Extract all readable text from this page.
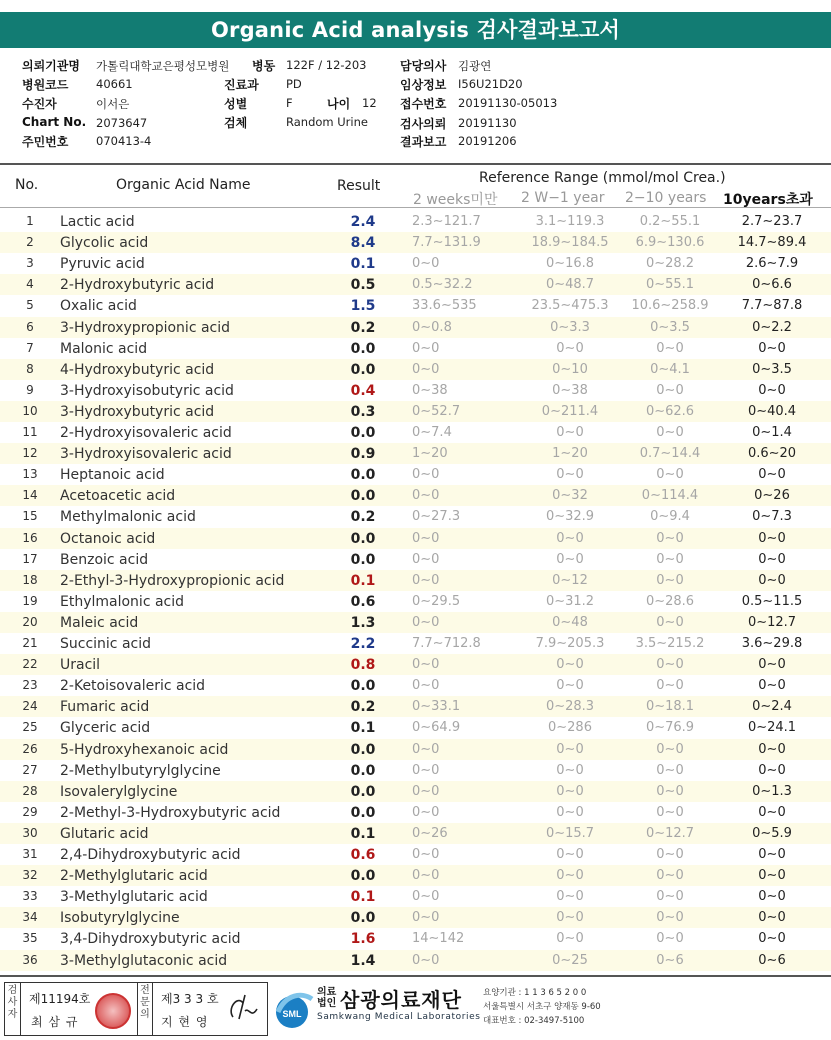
Organic Acid analysis 검사결과보고서
의뢰기관명 가톨릭대학교은평성모병원 병동 122F / 12-203	담당의사 김광연
병원코드 40661	진료과 PD	임상정보 I56U21D20
수진자	이서은	성별	F	나이 12 접수번호 20191130-05013
Chart No. 2073647	검체	Random Urine	검사의뢰 20191130
주민번호 070413-4	결과보고 20191206
No.	Organic Acid Name	Result	Reference Range (mmol/mol Crea.)
2 weeks미만 2 W−1 year 2−10 years 10years초과
1	Lactic acid	2.4	2.3∼121.7	3.1∼119.3	0.2∼55.1	2.7∼23.7
2	Glycolic acid	8.4	7.7∼131.9	18.9∼184.5	6.9∼130.6	14.7∼89.4
3	Pyruvic acid	0.1	0∼0	0∼16.8	0∼28.2	2.6∼7.9
4	2-Hydroxybutyric acid	0.5	0.5∼32.2	0∼48.7	0∼55.1	0∼6.6
5	Oxalic acid	1.5	33.6∼535	23.5∼475.3	10.6∼258.9	7.7∼87.8
6	3-Hydroxypropionic acid	0.2	0∼0.8	0∼3.3	0∼3.5	0∼2.2
7	Malonic acid	0.0	0∼0	0∼0	0∼0	0∼0
8	4-Hydroxybutyric acid	0.0	0∼0	0∼10	0∼4.1	0∼3.5
9	3-Hydroxyisobutyric acid	0.4	0∼38	0∼38	0∼0	0∼0
10	3-Hydroxybutyric acid	0.3	0∼52.7	0∼211.4	0∼62.6	0∼40.4
11	2-Hydroxyisovaleric acid	0.0	0∼7.4	0∼0	0∼0	0∼1.4
12	3-Hydroxyisovaleric acid	0.9	1∼20	1∼20	0.7∼14.4	0.6∼20
13	Heptanoic acid	0.0	0∼0	0∼0	0∼0	0∼0
14	Acetoacetic acid	0.0	0∼0	0∼32	0∼114.4	0∼26
15	Methylmalonic acid	0.2	0∼27.3	0∼32.9	0∼9.4	0∼7.3
16	Octanoic acid	0.0	0∼0	0∼0	0∼0	0∼0
17	Benzoic acid	0.0	0∼0	0∼0	0∼0	0∼0
18	2-Ethyl-3-Hydroxypropionic acid	0.1	0∼0	0∼12	0∼0	0∼0
19	Ethylmalonic acid	0.6	0∼29.5	0∼31.2	0∼28.6	0.5∼11.5
20	Maleic acid	1.3	0∼0	0∼48	0∼0	0∼12.7
21	Succinic acid	2.2	7.7∼712.8	7.9∼205.3	3.5∼215.2	3.6∼29.8
22	Uracil	0.8	0∼0	0∼0	0∼0	0∼0
23	2-Ketoisovaleric acid	0.0	0∼0	0∼0	0∼0	0∼0
24	Fumaric acid	0.2	0∼33.1	0∼28.3	0∼18.1	0∼2.4
25	Glyceric acid	0.1	0∼64.9	0∼286	0∼76.9	0∼24.1
26	5-Hydroxyhexanoic acid	0.0	0∼0	0∼0	0∼0	0∼0
27	2-Methylbutyrylglycine	0.0	0∼0	0∼0	0∼0	0∼0
28	Isovalerylglycine	0.0	0∼0	0∼0	0∼0	0∼1.3
29	2-Methyl-3-Hydroxybutyric acid	0.0	0∼0	0∼0	0∼0	0∼0
30	Glutaric acid	0.1	0∼26	0∼15.7	0∼12.7	0∼5.9
31	2,4-Dihydroxybutyric acid	0.6	0∼0	0∼0	0∼0	0∼0
32	2-Methylglutaric acid	0.0	0∼0	0∼0	0∼0	0∼0
33	3-Methylglutaric acid	0.1	0∼0	0∼0	0∼0	0∼0
34	Isobutyrylglycine	0.0	0∼0	0∼0	0∼0	0∼0
35	3,4-Dihydroxybutyric acid	1.6	14∼142	0∼0	0∼0	0∼0
36	3-Methylglutaconic acid	1.4	0∼0	0∼25	0∼6	0∼6
검사자
제11194호
최 삼 규
전문의
제3 3 3 호
지 현 영
SML
의료법인 삼광의료재단
Samkwang Medical Laboratories
요양기관 : 1 1 3 6 5 2 0 0
서울특별시 서초구 양재동 9-60
대표번호 : 02-3497-5100
